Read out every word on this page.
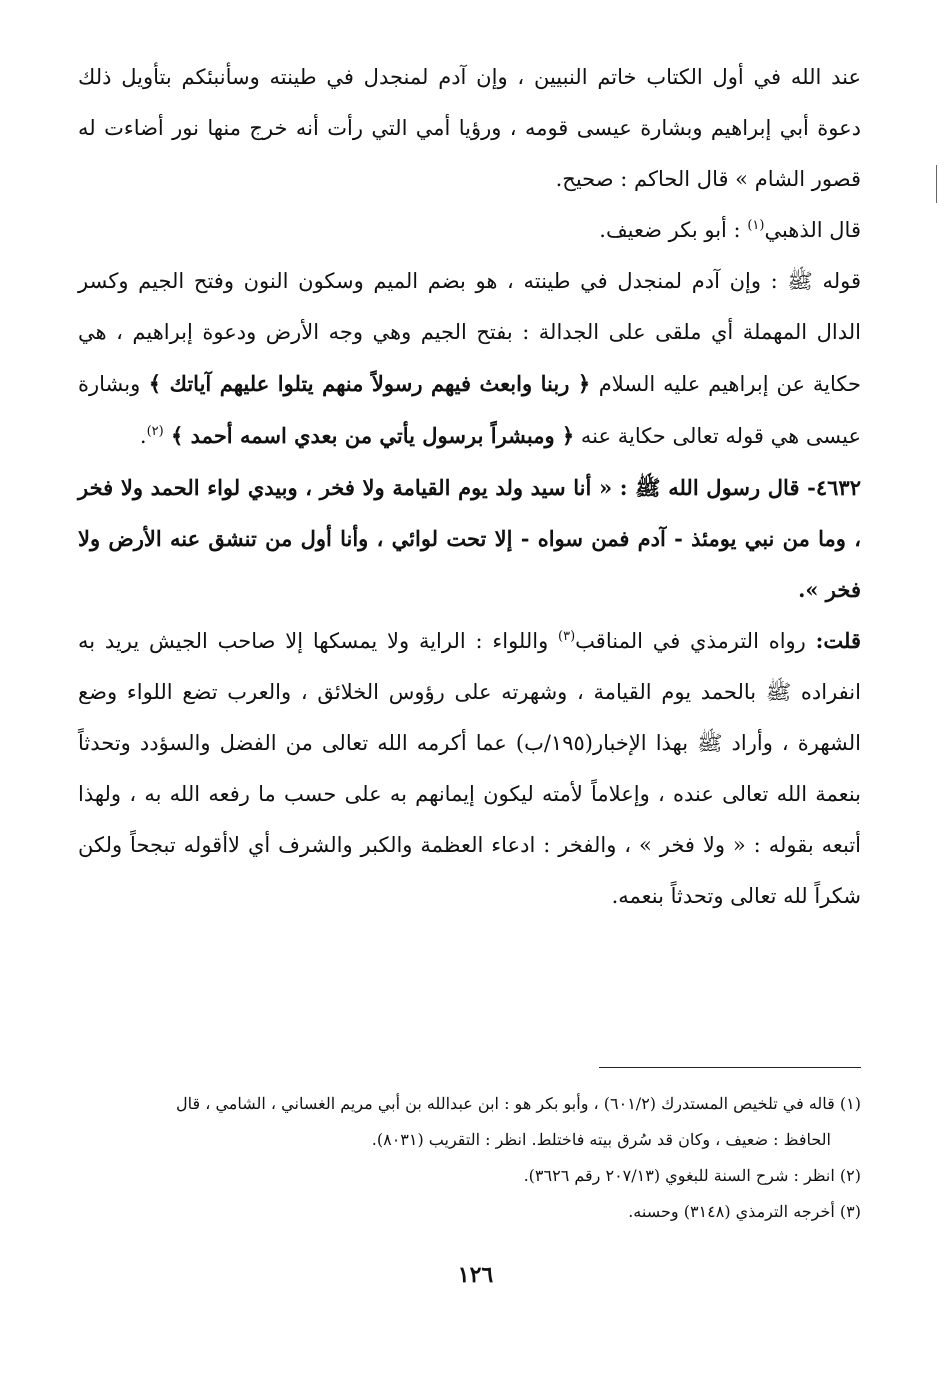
عند الله في أول الكتاب خاتم النبيين ، وإن آدم لمنجدل في طينته وسأنبئكم بتأويل ذلك دعوة أبي إبراهيم وبشارة عيسى قومه ، ورؤيا أمي التي رأت أنه خرج منها نور أضاءت له قصور الشام » قال الحاكم : صحيح.

قال الذهبي$^{(١)}$ : أبو بكر ضعيف.

قوله ﷺ : وإن آدم لمنجدل في طينته ، هو بضم الميم وسكون النون وفتح الجيم وكسر الدال المهملة أي ملقى على الجدالة : بفتح الجيم وهي وجه الأرض ودعوة إبراهيم ، هي حكاية عن إبراهيم عليه السلام ﴿ ربنا وابعث فيهم رسولاً منهم يتلوا عليهم آياتك ﴾ وبشارة عيسى هي قوله تعالى حكاية عنه ﴿ ومبشراً برسول يأتي من بعدي اسمه أحمد ﴾ $^{(٢)}$.

٤٦٣٢- قال رسول الله ﷺ : « أنا سيد ولد يوم القيامة ولا فخر ، وبيدي لواء الحمد ولا فخر ، وما من نبي يومئذ - آدم فمن سواه - إلا تحت لوائي ، وأنا أول من تنشق عنه الأرض ولا فخر ».

قلت: رواه الترمذي في المناقب$^{(٣)}$ واللواء : الراية ولا يمسكها إلا صاحب الجيش يريد به انفراده ﷺ بالحمد يوم القيامة ، وشهرته على رؤوس الخلائق ، والعرب تضع اللواء وضع الشهرة ، وأراد ﷺ بهذا الإخبار(١٩٥/ب) عما أكرمه الله تعالى من الفضل والسؤدد وتحدثاً بنعمة الله تعالى عنده ، وإعلاماً لأمته ليكون إيمانهم به على حسب ما رفعه الله به ، ولهذا أتبعه بقوله : « ولا فخر » ، والفخر : ادعاء العظمة والكبر والشرف أي لاأقوله تبجحاً ولكن شكراً لله تعالى وتحدثاً بنعمه.

(١) قاله في تلخيص المستدرك (٦٠١/٢) ، وأبو بكر هو : ابن عبدالله بن أبي مريم الغساني ، الشامي ، قال

الحافظ : ضعيف ، وكان قد سُرق بيته فاختلط. انظر : التقريب (٨٠٣١).

(٢) انظر : شرح السنة للبغوي (٢٠٧/١٣ رقم ٣٦٢٦).

(٣) أخرجه الترمذي (٣١٤٨) وحسنه.

١٢٦
